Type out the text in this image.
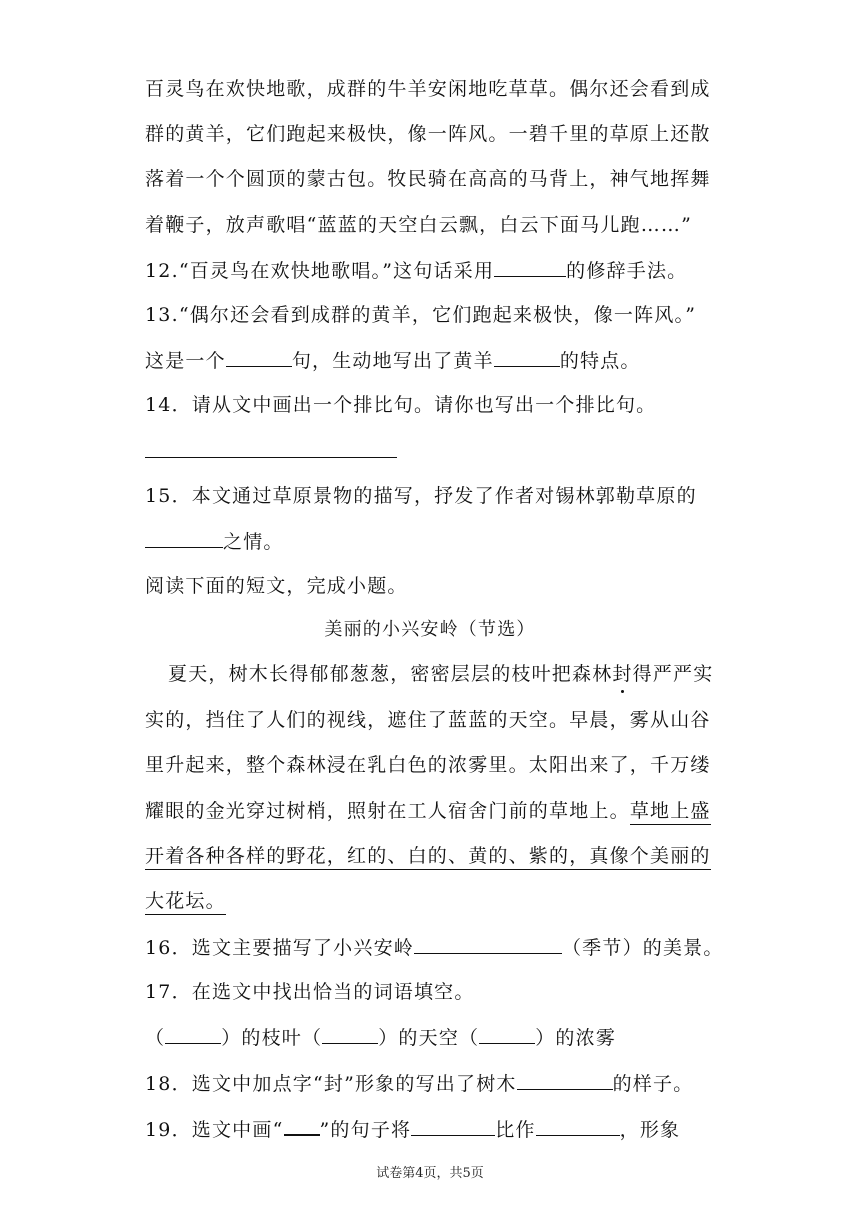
百灵鸟在欢快地歌，成群的牛羊安闲地吃草草。偶尔还会看到成
群的黄羊，它们跑起来极快，像一阵风。一碧千里的草原上还散
落着一个个圆顶的蒙古包。牧民骑在高高的马背上，神气地挥舞
着鞭子，放声歌唱“蓝蓝的天空白云飘，白云下面马儿跑……”
12.“百灵鸟在欢快地歌唱。”这句话采用	的修辞手法。
13.“偶尔还会看到成群的黄羊，它们跑起来极快，像一阵风。”
这是一个	句，生动地写出了黄羊	的特点。
14．请从文中画出一个排比句。请你也写出一个排比句。
15．本文通过草原景物的描写，抒发了作者对锡林郭勒草原的
之情。
阅读下面的短文，完成小题。
美丽的小兴安岭（节选）
夏天，树木长得郁郁葱葱，密密层层的枝叶把森林封得严严实
实的，挡住了人们的视线，遮住了蓝蓝的天空。早晨，雾从山谷
里升起来，整个森林浸在乳白色的浓雾里。太阳出来了，千万缕
耀眼的金光穿过树梢，照射在工人宿舍门前的草地上。草地上盛
开着各种各样的野花，红的、白的、黄的、紫的，真像个美丽的
大花坛。
16．选文主要描写了小兴安岭	（季节）的美景。
17．在选文中找出恰当的词语填空。
（	）的枝叶（	）的天空（	）的浓雾
18．选文中加点字“封”形象的写出了树木	的样子。
19．选文中画“ ”的句子将	比作	，形象
试卷第4页，共5页
